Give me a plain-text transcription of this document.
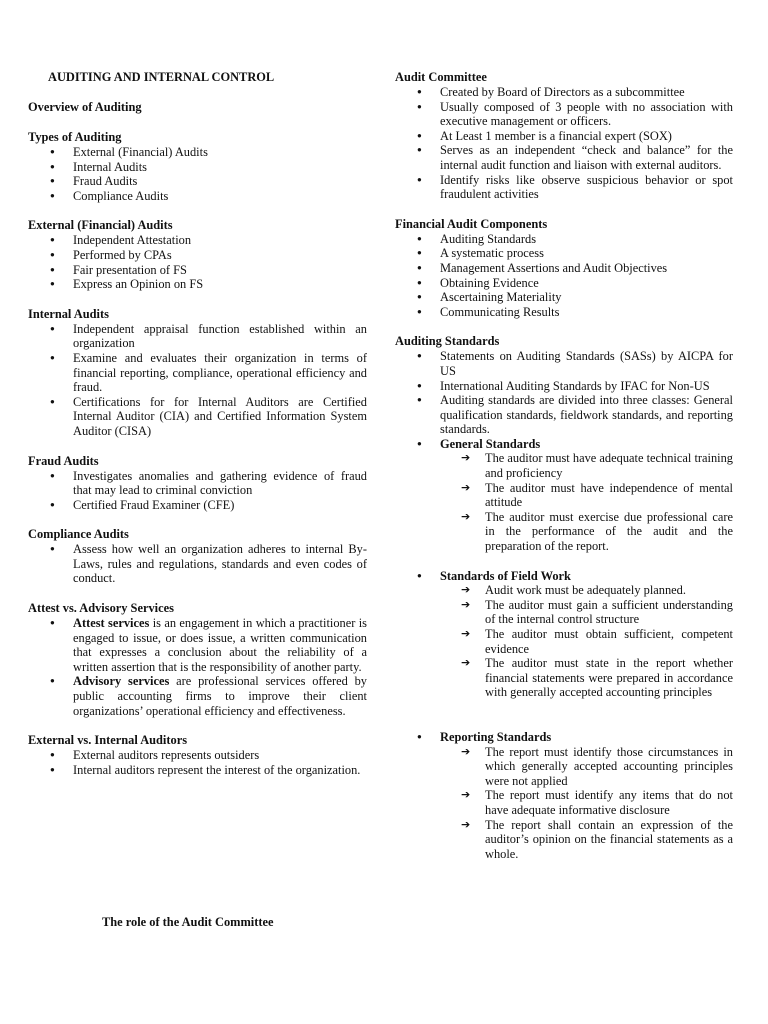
AUDITING AND INTERNAL CONTROL

Overview of Auditing

Types of Auditing

● External (Financial) Audits
● Internal Audits
● Fraud Audits
● Compliance Audits

External (Financial) Audits

● Independent Attestation
● Performed by CPAs
● Fair presentation of FS
● Express an Opinion on FS

Internal Audits

● Independent appraisal function established within an organization
● Examine and evaluates their organization in terms of financial reporting, compliance, operational efficiency and fraud.
● Certifications for for Internal Auditors are Certified Internal Auditor (CIA) and Certified Information System Auditor (CISA)

Fraud Audits

● Investigates anomalies and gathering evidence of fraud that may lead to criminal conviction
● Certified Fraud Examiner (CFE)

Compliance Audits

● Assess how well an organization adheres to internal By-Laws, rules and regulations, standards and even codes of conduct.

Attest vs. Advisory Services

● Attest services is an engagement in which a practitioner is engaged to issue, or does issue, a written communication that expresses a conclusion about the reliability of a written assertion that is the responsibility of another party.
● Advisory services are professional services offered by public accounting firms to improve their client organizations’ operational efficiency and effectiveness.

External vs. Internal Auditors

● External auditors represents outsiders
● Internal auditors represent the interest of the organization.
The role of the Audit Committee

Audit Committee

● Created by Board of Directors as a subcommittee
● Usually composed of 3 people with no association with executive management or officers.
● At Least 1 member is a financial expert (SOX)
● Serves as an independent “check and balance” for the internal audit function and liaison with external auditors.
● Identify risks like observe suspicious behavior or spot fraudulent activities

Financial Audit Components

● Auditing Standards
● A systematic process
● Management Assertions and Audit Objectives
● Obtaining Evidence
● Ascertaining Materiality
● Communicating Results

Auditing Standards

● Statements on Auditing Standards (SASs) by AICPA for US
● International Auditing Standards by IFAC for Non-US
● Auditing standards are divided into three classes: General qualification standards, fieldwork standards, and reporting standards.
● General Standards
➔ The auditor must have adequate technical training and proficiency
➔ The auditor must have independence of mental attitude
➔ The auditor must exercise due professional care in the performance of the audit and the preparation of the report.
● Standards of Field Work
➔ Audit work must be adequately planned.
➔ The auditor must gain a sufficient understanding of the internal control structure
➔ The auditor must obtain sufficient, competent evidence
➔ The auditor must state in the report whether financial statements were prepared in accordance with generally accepted accounting principles
● Reporting Standards
➔ The report must identify those circumstances in which generally accepted accounting principles were not applied
➔ The report must identify any items that do not have adequate informative disclosure
➔ The report shall contain an expression of the auditor’s opinion on the financial statements as a whole.
